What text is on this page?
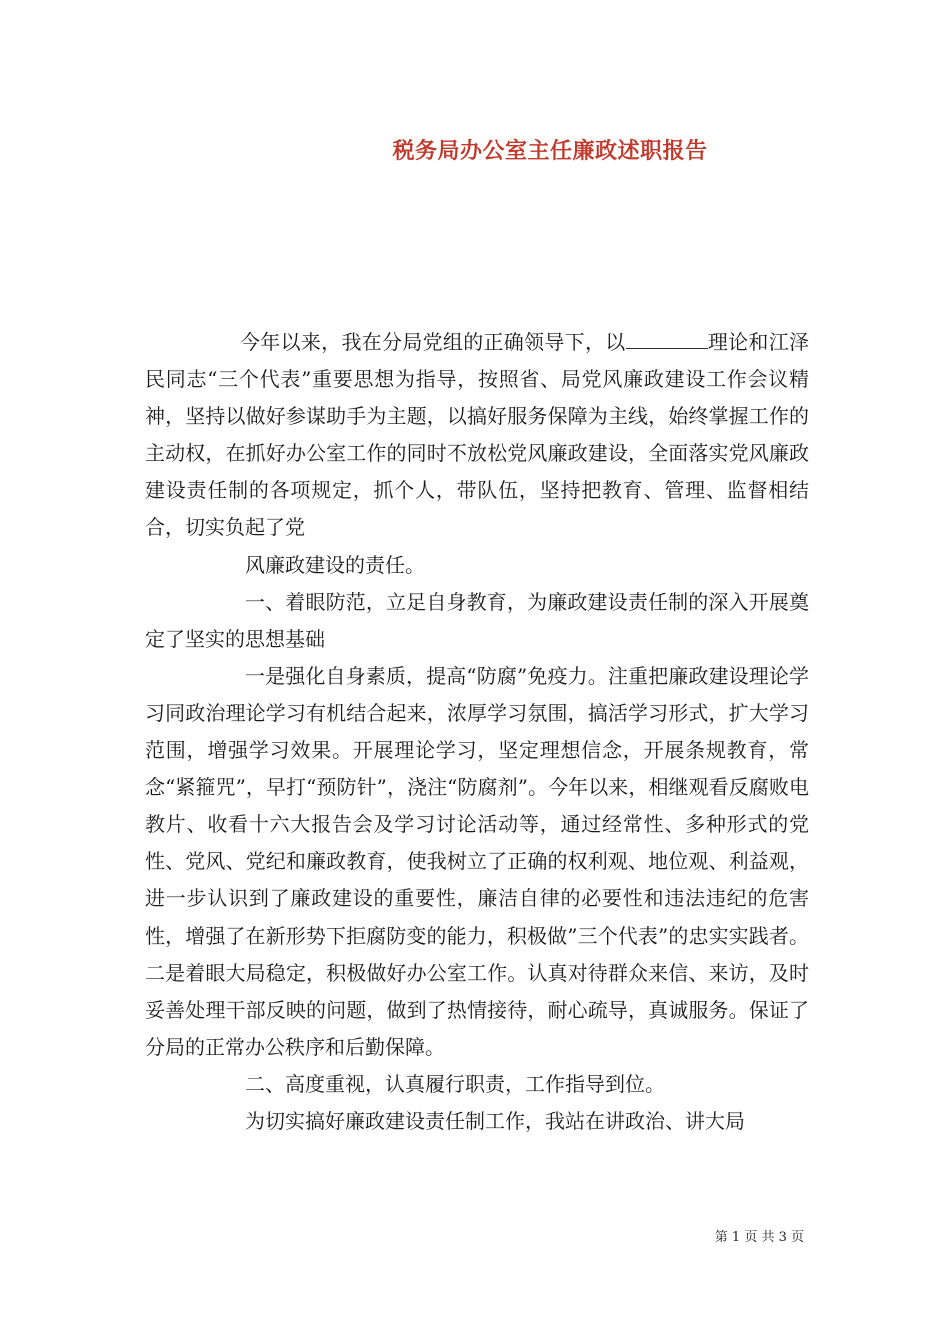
税务局办公室主任廉政述职报告

今年以来，我在分局党组的正确领导下，以	理论和江泽民同志“三个代表”重要思想为指导，按照省、局党风廉政建设工作会议精神，坚持以做好参谋助手为主题，以搞好服务保障为主线，始终掌握工作的主动权，在抓好办公室工作的同时不放松党风廉政建设，全面落实党风廉政建设责任制的各项规定，抓个人，带队伍，坚持把教育、管理、监督相结合，切实负起了党

风廉政建设的责任。

一、着眼防范，立足自身教育，为廉政建设责任制的深入开展奠定了坚实的思想基础

一是强化自身素质，提高“防腐”免疫力。注重把廉政建设理论学习同政治理论学习有机结合起来，浓厚学习氛围，搞活学习形式，扩大学习范围，增强学习效果。开展理论学习，坚定理想信念，开展条规教育，常念“紧箍咒”，早打“预防针”，浇注“防腐剂”。今年以来，相继观看反腐败电教片、收看十六大报告会及学习讨论活动等，通过经常性、多种形式的党性、党风、党纪和廉政教育，使我树立了正确的权利观、地位观、利益观，进一步认识到了廉政建设的重要性，廉洁自律的必要性和违法违纪的危害性，增强了在新形势下拒腐防变的能力，积极做”三个代表”的忠实实践者。二是着眼大局稳定，积极做好办公室工作。认真对待群众来信、来访，及时妥善处理干部反映的问题，做到了热情接待，耐心疏导，真诚服务。保证了分局的正常办公秩序和后勤保障。

二、高度重视，认真履行职责，工作指导到位。

为切实搞好廉政建设责任制工作，我站在讲政治、讲大局

第 1 页 共 3 页
